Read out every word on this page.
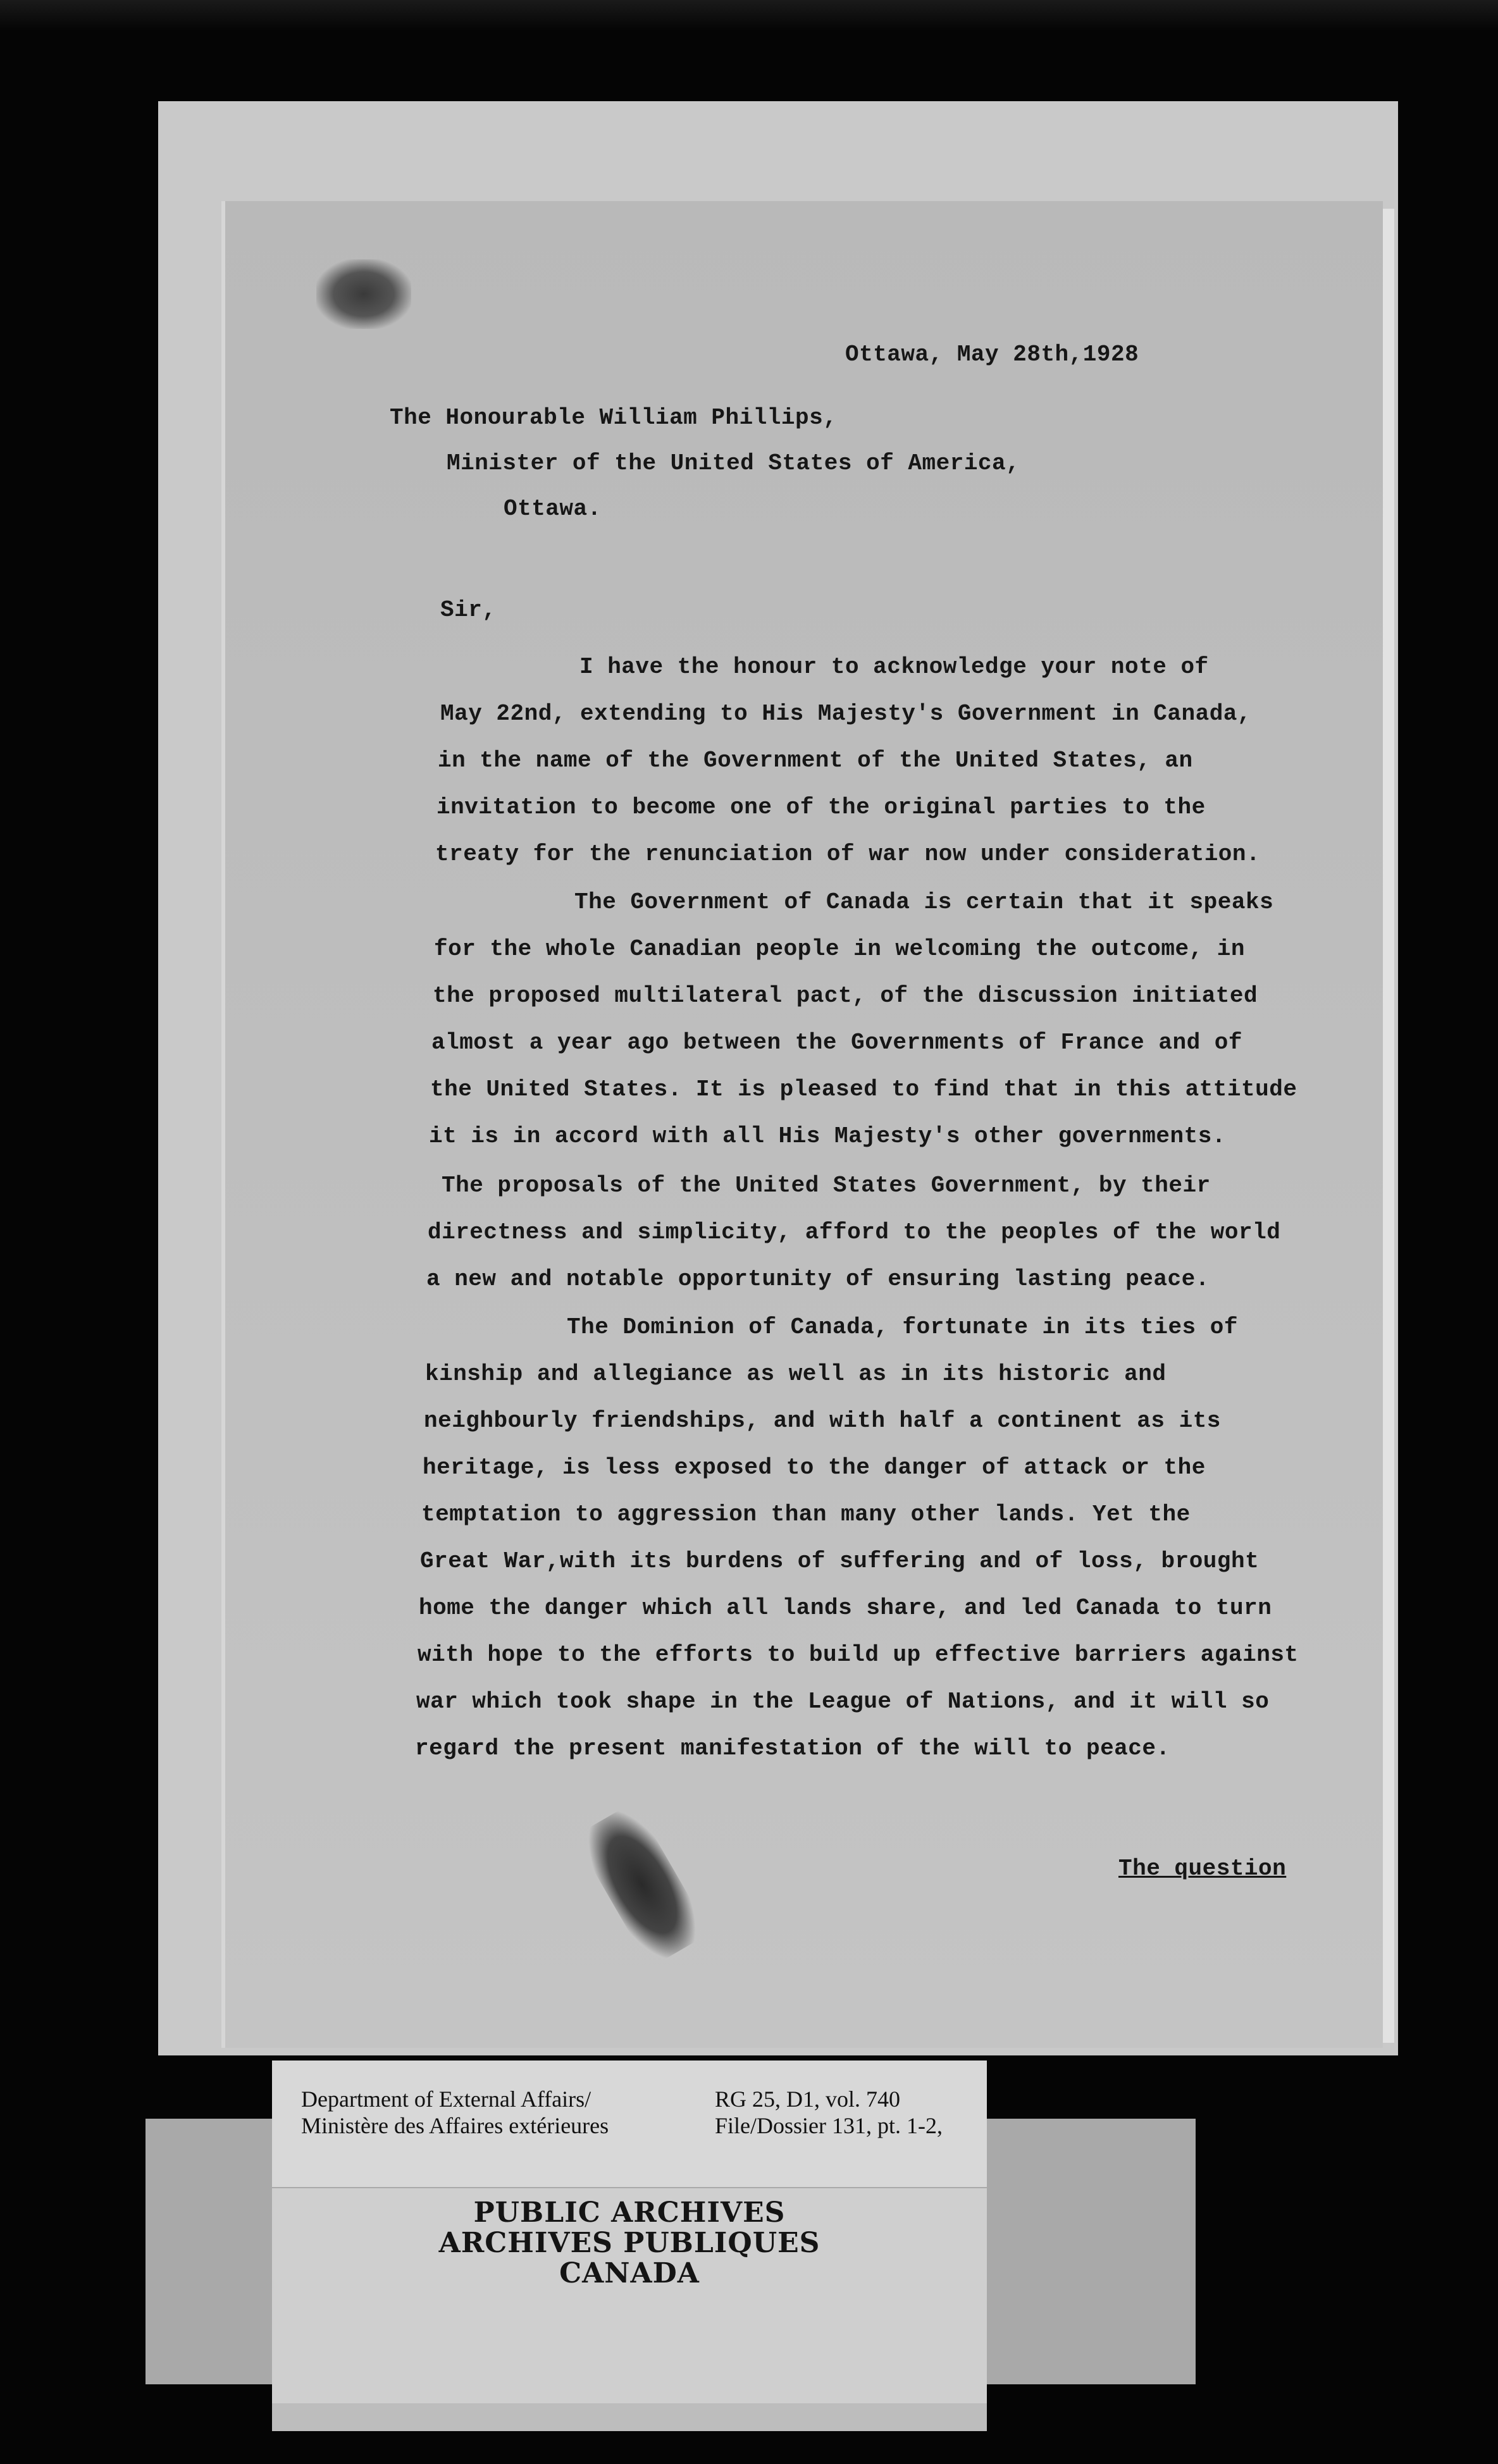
Ottawa, May 28th,1928
The Honourable William Phillips,
Minister of the United States of America,
Ottawa.
Sir,
I have the honour to acknowledge your note of
May 22nd, extending to His Majesty's Government in Canada,
in the name of the Government of the United States, an
invitation to become one of the original parties to the
treaty for the renunciation of war now under consideration.
The Government of Canada is certain that it speaks
for the whole Canadian people in welcoming the outcome, in
the proposed multilateral pact, of the discussion initiated
almost a year ago between the Governments of France and of
the United States. It is pleased to find that in this attitude
it is in accord with all His Majesty's other governments.
The proposals of the United States Government, by their
directness and simplicity, afford to the peoples of the world
a new and notable opportunity of ensuring lasting peace.
The Dominion of Canada, fortunate in its ties of
kinship and allegiance as well as in its historic and
neighbourly friendships, and with half a continent as its
heritage, is less exposed to the danger of attack or the
temptation to aggression than many other lands. Yet the
Great War,with its burdens of suffering and of loss, brought
home the danger which all lands share, and led Canada to turn
with hope to the efforts to build up effective barriers against
war which took shape in the League of Nations, and it will so
regard the present manifestation of the will to peace.
The question
Department of External Affairs/
Ministère des Affaires extérieures
RG 25, D1, vol. 740
File/Dossier 131, pt. 1-2,
PUBLIC ARCHIVES
ARCHIVES PUBLIQUES
CANADA
